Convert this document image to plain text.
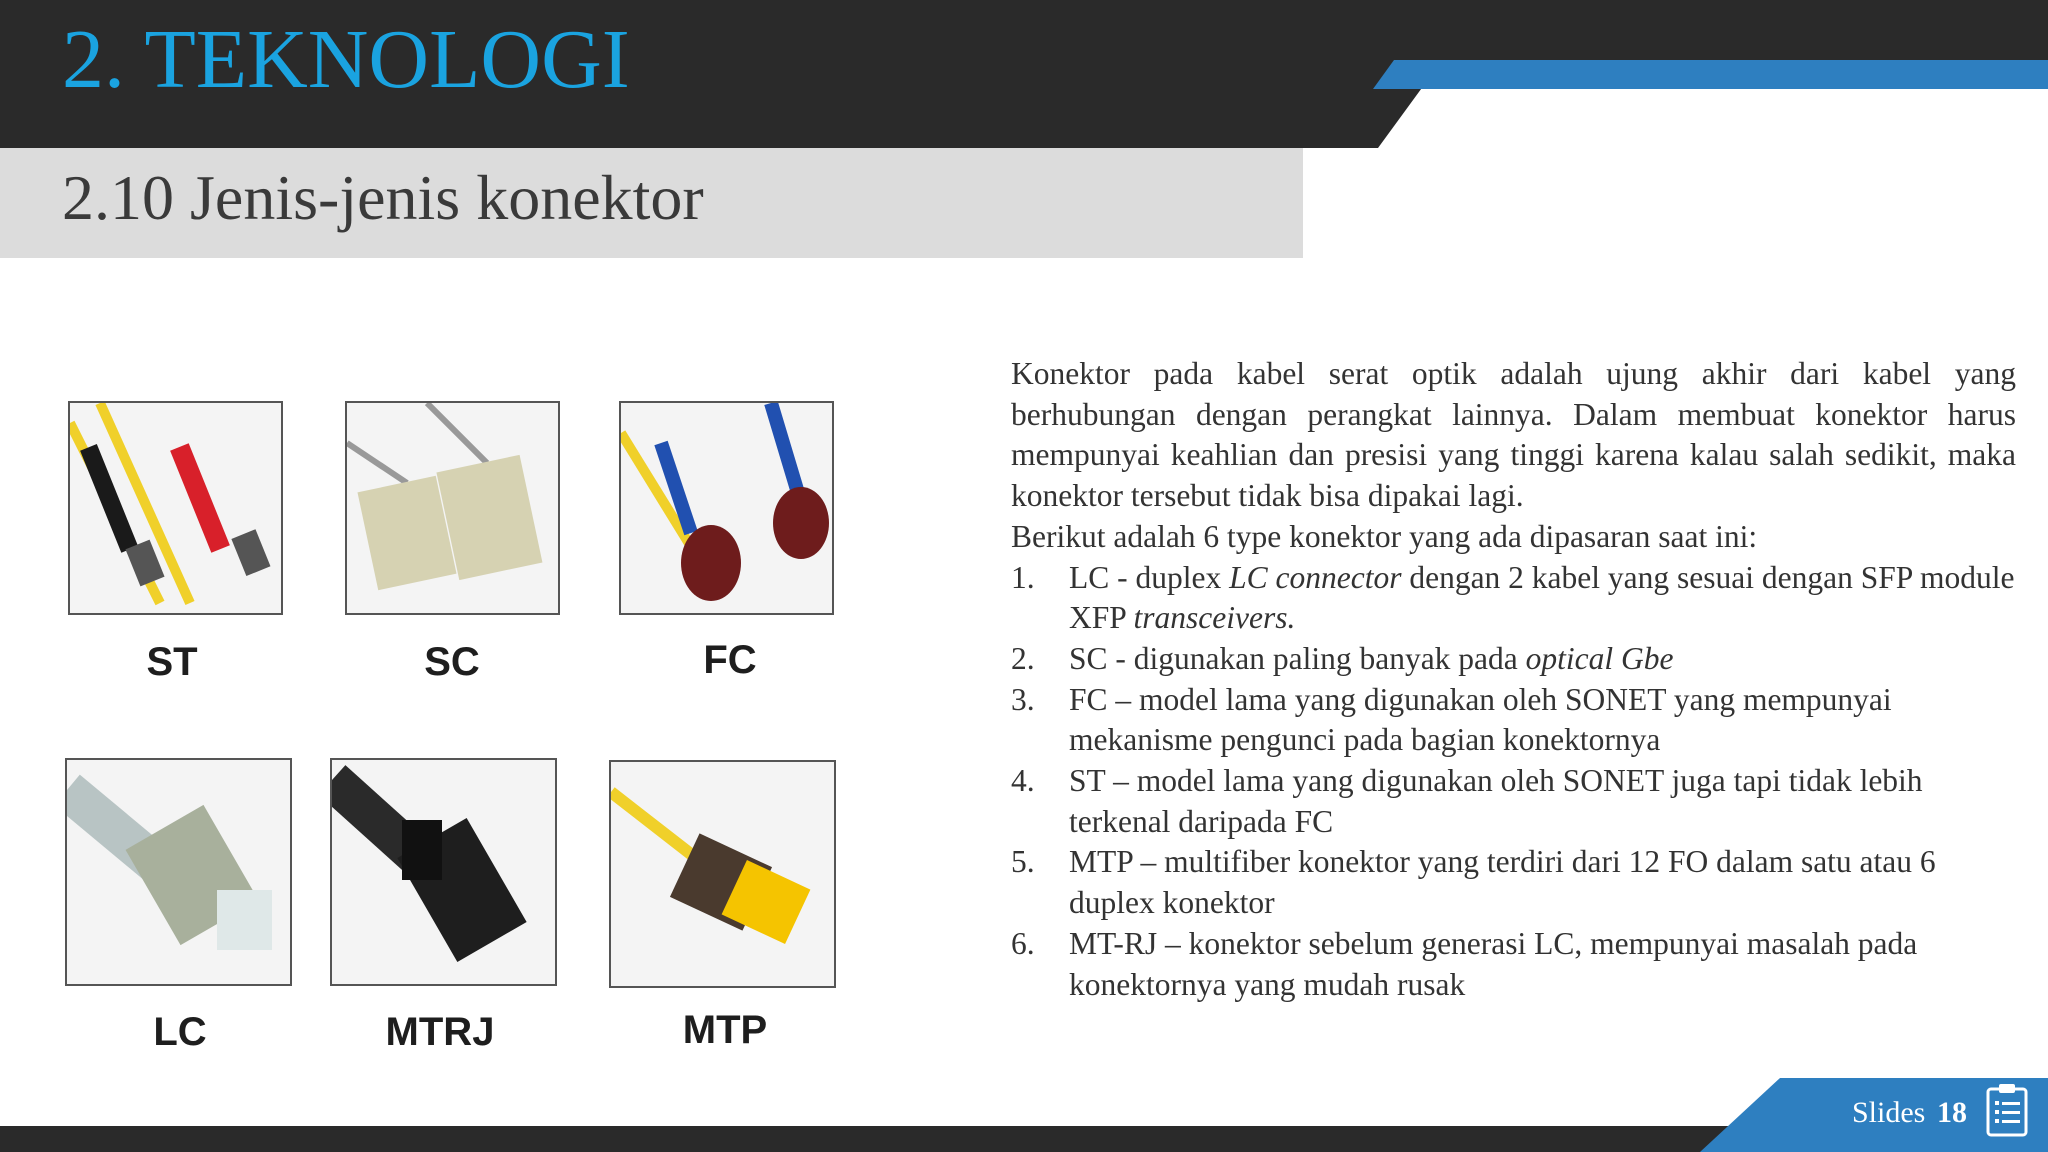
2. TEKNOLOGI
2.10 Jenis-jenis konektor
ST	SC	FC
LC	MTRJ	MTP

Konektor pada kabel serat optik adalah ujung akhir dari kabel yang berhubungan dengan perangkat lainnya. Dalam membuat konektor harus mempunyai keahlian dan presisi yang tinggi karena kalau salah sedikit, maka konektor tersebut tidak bisa dipakai lagi.

Berikut adalah 6 type konektor yang ada dipasaran saat ini:

1. LC - duplex LC connector dengan 2 kabel yang sesuai dengan SFP module XFP transceivers.
2. SC - digunakan paling banyak pada optical Gbe
3. FC – model lama yang digunakan oleh SONET yang mempunyai mekanisme pengunci pada bagian konektornya
4. ST – model lama yang digunakan oleh SONET juga tapi tidak lebih terkenal daripada FC
5. MTP – multifiber konektor yang terdiri dari 12 FO dalam satu atau 6 duplex konektor
6. MT-RJ – konektor sebelum generasi LC, mempunyai masalah pada konektornya yang mudah rusak
Slides 18
